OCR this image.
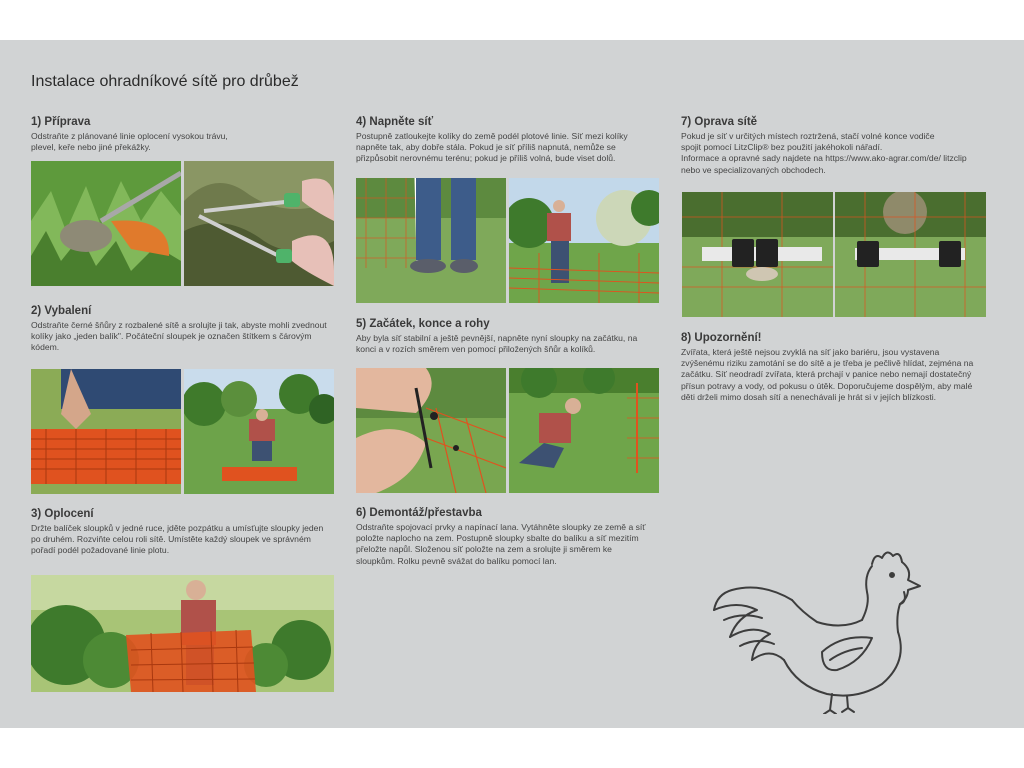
Instalace ohradníkové sítě pro drůbež
1) Příprava

Odstraňte z plánované linie oplocení vysokou trávu,
plevel, keře nebo jiné překážky.

2) Vybalení

Odstraňte černé šňůry z rozbalené sítě a srolujte ji tak, abyste mohli zvednout
kolíky jako „jeden balík". Počáteční sloupek je označen štítkem s čárovým
kódem.

3) Oplocení

Držte balíček sloupků v jedné ruce, jděte pozpátku a umísťujte sloupky jeden
po druhém. Rozviňte celou roli sítě. Umístěte každý sloupek ve správném
pořadí podél požadované linie plotu.

4) Napněte síť

Postupně zatloukejte kolíky do země podél plotové linie. Síť mezi kolíky
napněte tak, aby dobře stála. Pokud je síť příliš napnutá, nemůže se
přizpůsobit nerovnému terénu; pokud je příliš volná, bude viset dolů.

5) Začátek, konce a rohy

Aby byla síť stabilní a ještě pevnější, napněte nyní sloupky na začátku, na
konci a v rozích směrem ven pomocí přiložených šňůr a kolíků.

6) Demontáž/přestavba

Odstraňte spojovací prvky a napínací lana. Vytáhněte sloupky ze země a síť
položte naplocho na zem. Postupně sloupky sbalte do balíku a síť mezitím
přeložte napůl. Složenou síť položte na zem a srolujte ji směrem ke
sloupkům. Rolku pevně svážat do balíku pomocí lan.

7) Oprava sítě

Pokud je síť v určitých místech roztržená, stačí volné konce vodiče
spojit pomocí LitzClip® bez použití jakéhokoli nářadí.
Informace a opravné sady najdete na https://www.ako-agrar.com/de/ litzclip
nebo ve specializovaných obchodech.

8) Upozornění!

Zvířata, která ještě nejsou zvyklá na síť jako bariéru, jsou vystavena
zvýšenému riziku zamotání se do sítě a je třeba je pečlivě hlídat, zejména na
začátku. Síť neodradí zvířata, která prchají v panice nebo nemají dostatečný
přísun potravy a vody, od pokusu o útěk. Doporučujeme dospělým, aby malé
děti drželi mimo dosah sítí a nenechávali je hrát si v jejích blízkosti.
